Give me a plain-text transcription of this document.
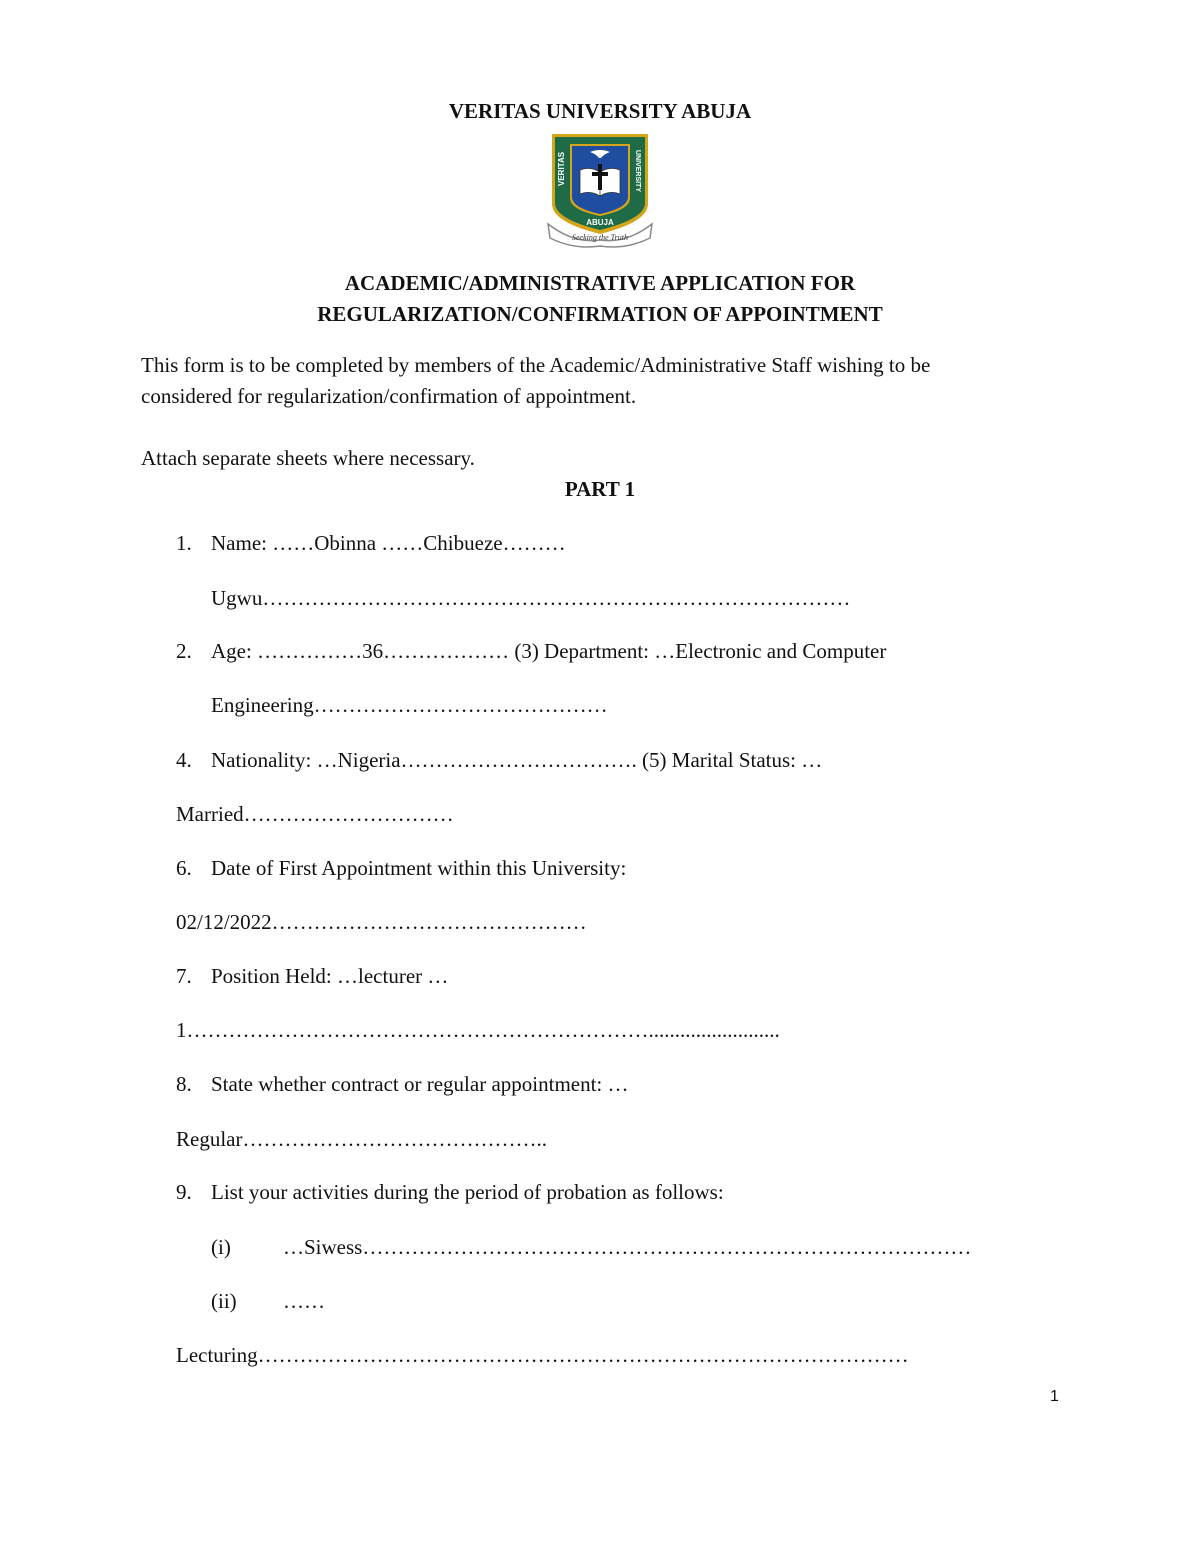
VERITAS UNIVERSITY ABUJA
VERITAS	UNIVERSITY
ABUJA
Seeking the Truth
ACADEMIC/ADMINISTRATIVE APPLICATION FOR
REGULARIZATION/CONFIRMATION OF APPOINTMENT
This form is to be completed by members of the Academic/Administrative Staff wishing to be
considered for regularization/confirmation of appointment.
Attach separate sheets where necessary.
PART 1
1. Name: ……Obinna ……Chibueze………
Ugwu…………………………………………………………………………
2. Age: ……………36……………… (3) Department: …Electronic and Computer
Engineering……………………………………
4. Nationality: …Nigeria……………………………. (5) Marital Status: …
Married…………………………
6. Date of First Appointment within this University:
02/12/2022………………………………………
7. Position Held: …lecturer …
1………………………………………………………….........................
8. State whether contract or regular appointment: …
Regular……………………………………..
9. List your activities during the period of probation as follows:
(i) …Siwess……………………………………………………………………………
(ii) ……
Lecturing…………………………………………………………………………………
1
